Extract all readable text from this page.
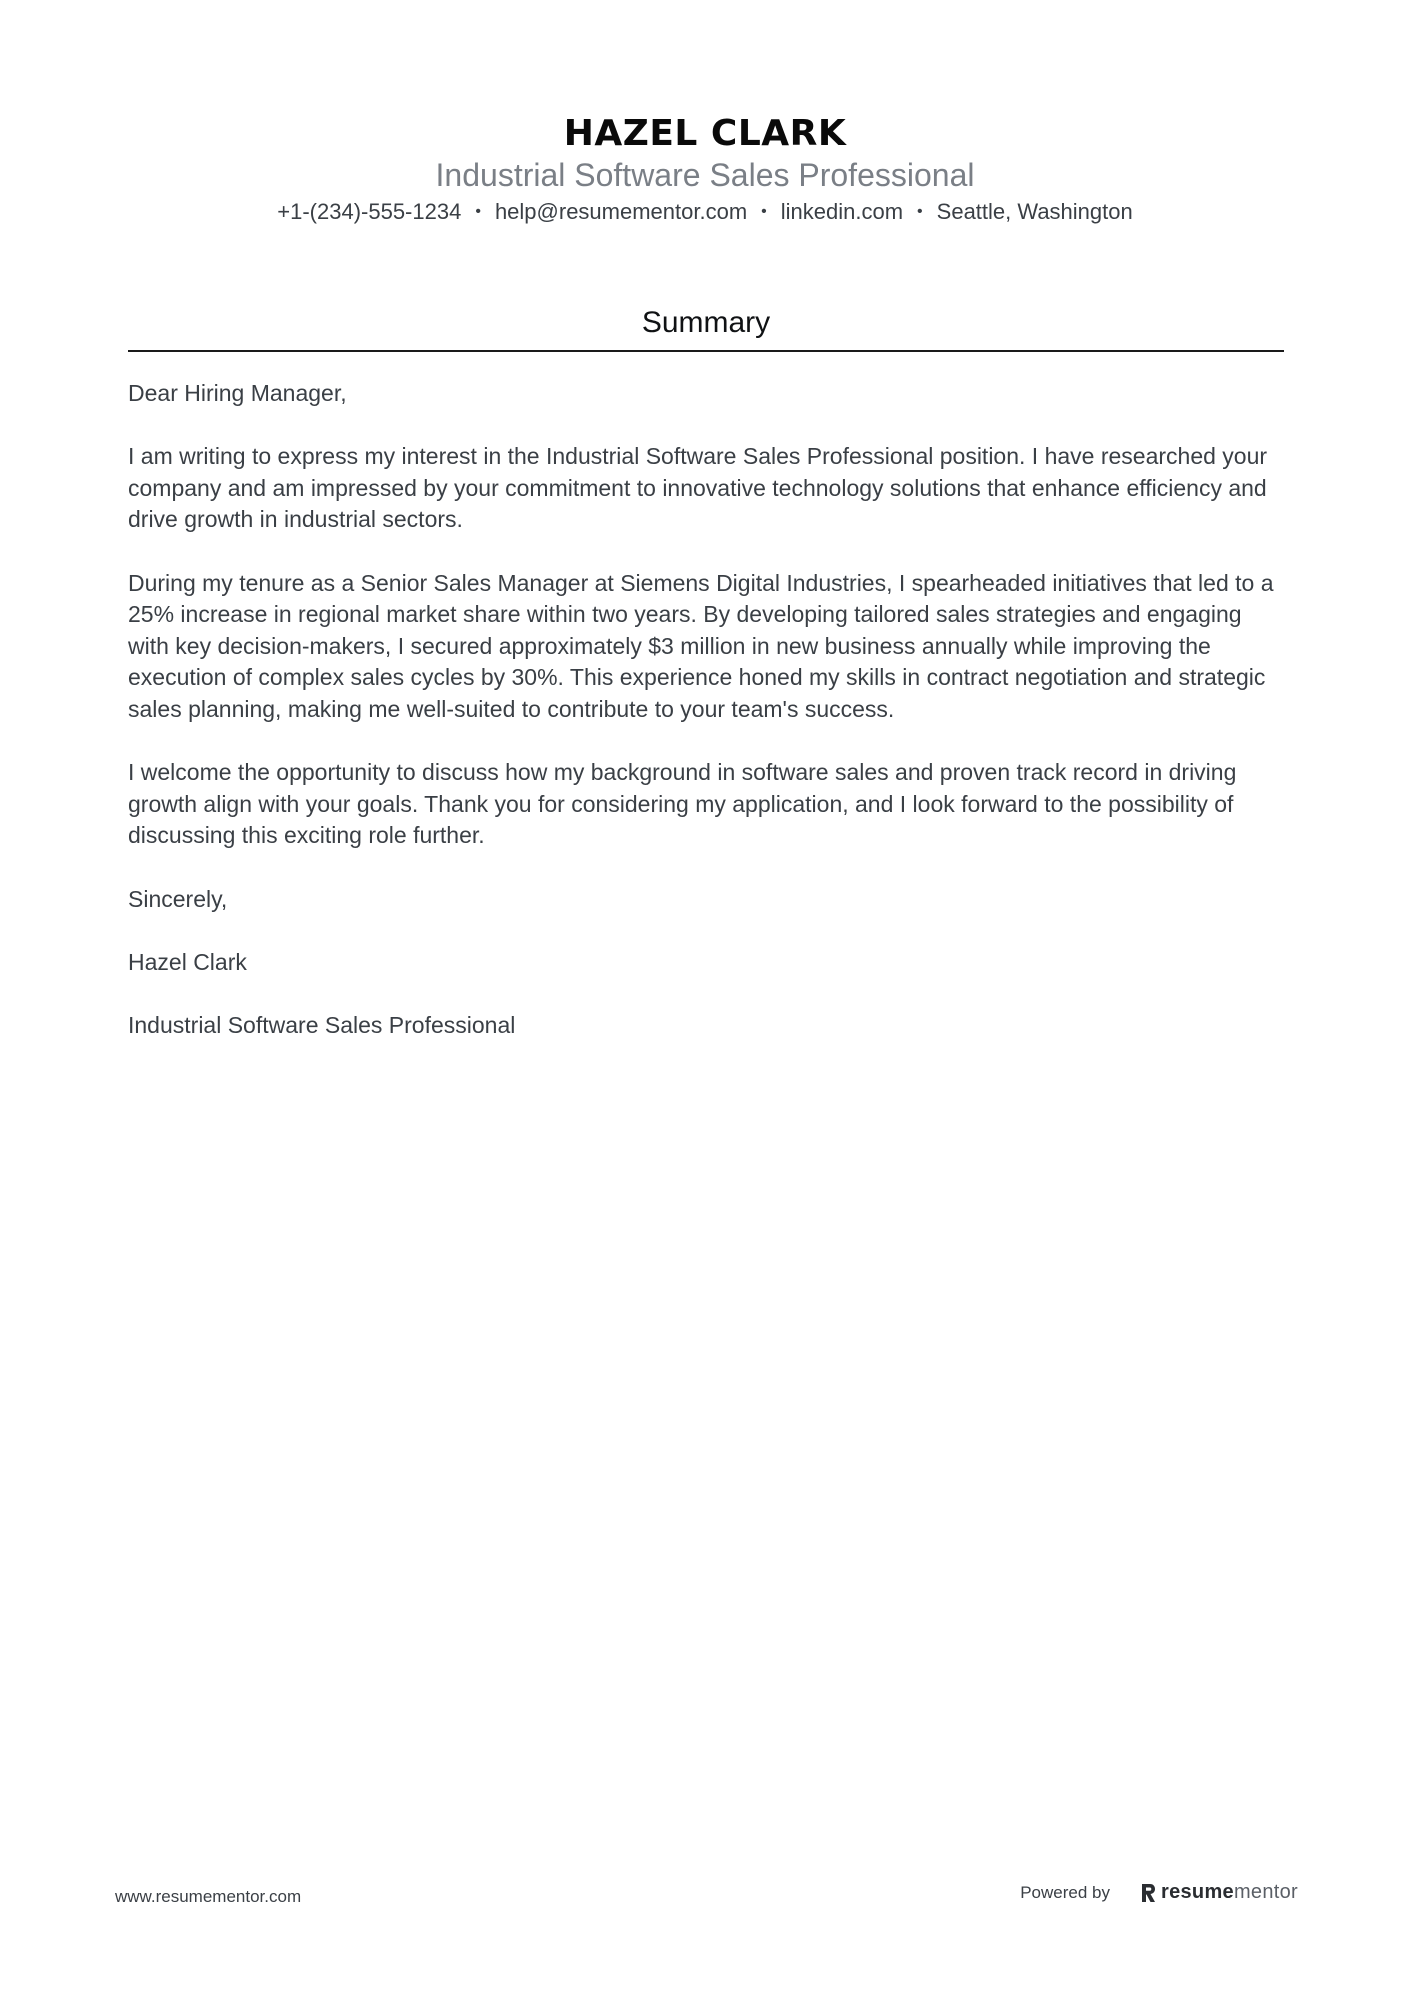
HAZEL CLARK
Industrial Software Sales Professional
+1-(234)-555-1234 • help@resumementor.com • linkedin.com • Seattle, Washington
Summary

Dear Hiring Manager,

I am writing to express my interest in the Industrial Software Sales Professional position. I have researched your company and am impressed by your commitment to innovative technology solutions that enhance efficiency and drive growth in industrial sectors.

During my tenure as a Senior Sales Manager at Siemens Digital Industries, I spearheaded initiatives that led to a 25% increase in regional market share within two years. By developing tailored sales strategies and engaging with key decision-makers, I secured approximately $3 million in new business annually while improving the execution of complex sales cycles by 30%. This experience honed my skills in contract negotiation and strategic sales planning, making me well-suited to contribute to your team's success.

I welcome the opportunity to discuss how my background in software sales and proven track record in driving growth align with your goals. Thank you for considering my application, and I look forward to the possibility of discussing this exciting role further.

Sincerely,

Hazel Clark

Industrial Software Sales Professional

www.resumementor.com	Powered by	resume mentor
